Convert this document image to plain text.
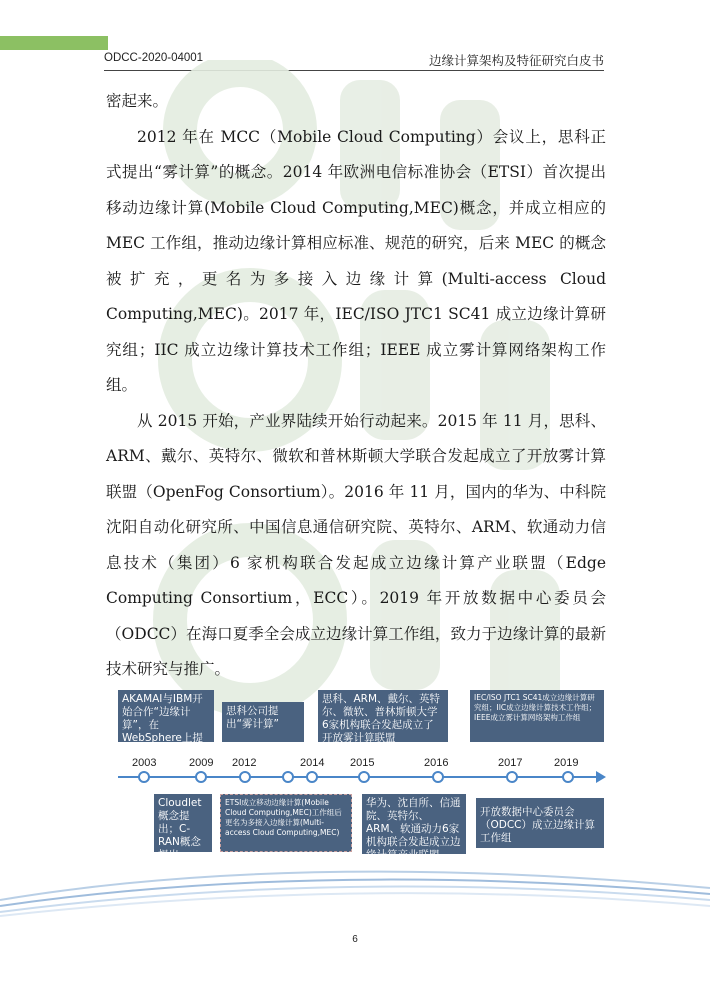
ODCC-2020-04001	边缘计算架构及特征研究白皮书

密起来。

2012 年在 MCC（Mobile Cloud Computing）会议上，思科正式提出“雾计算”的概念。2014 年欧洲电信标准协会（ETSI）首次提出移动边缘计算(Mobile Cloud Computing,MEC)概念，并成立相应的 MEC 工作组，推动边缘计算相应标准、规范的研究，后来 MEC 的概念被扩充，更名为多接入边缘计算(Multi-access Cloud Computing,MEC)。2017 年，IEC/ISO JTC1 SC41 成立边缘计算研究组；IIC 成立边缘计算技术工作组；IEEE 成立雾计算网络架构工作组。

从 2015 开始，产业界陆续开始行动起来。2015 年 11 月，思科、ARM、戴尔、英特尔、微软和普林斯顿大学联合发起成立了开放雾计算联盟（OpenFog Consortium）。2016 年 11 月，国内的华为、中科院沈阳自动化研究所、中国信息通信研究院、英特尔、ARM、软通动力信息技术（集团）6 家机构联合发起成立边缘计算产业联盟（Edge Computing Consortium，ECC）。2019 年开放数据中心委员会（ODCC）在海口夏季全会成立边缘计算工作组，致力于边缘计算的最新技术研究与推广。

AKAMAI与IBM开始合作“边缘计算”，在WebSphere上提供基于Edge服务
思科公司提出“雾计算”
思科、ARM、戴尔、英特尔、微软、普林斯顿大学6家机构联合发起成立了开放雾计算联盟
IEC/ISO JTC1 SC41成立边缘计算研究组；IIC成立边缘计算技术工作组；IEEE成立雾计算网络架构工作组
2003	2009 2012	2014 2015	2016	2017	2019
Cloudlet概念提出；C-RAN概念提出；
ETSI成立移动边缘计算(Mobile Cloud Computing,MEC)工作组后更名为多接入边缘计算(Multi-access Cloud Computing,MEC)
华为、沈自所、信通院、英特尔、ARM、软通动力6家机构联合发起成立边缘计算产业联盟
开放数据中心委员会（ODCC）成立边缘计算工作组
6
